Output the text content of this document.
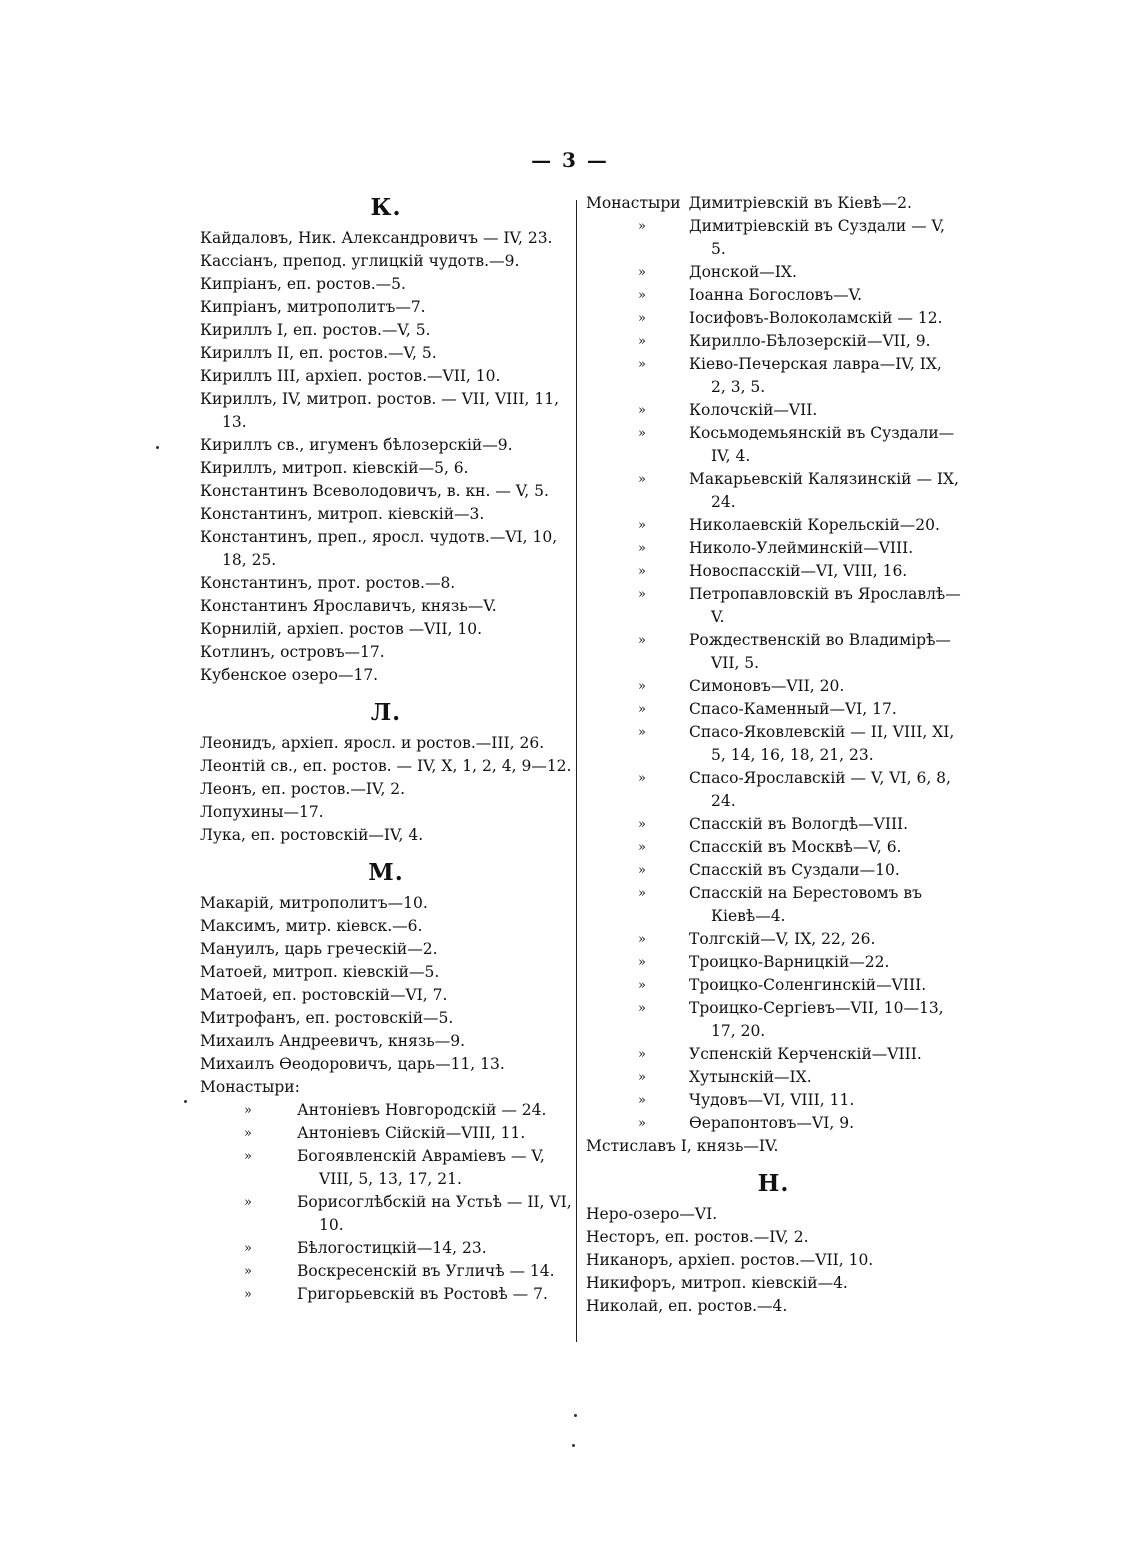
— 3 —
К.
Кайдаловъ, Ник. Александровичъ — IV, 23.
Кассіанъ, препод. углицкій чудотв.—9.
Кипріанъ, еп. ростов.—5.
Кипріанъ, митрополитъ—7.
Кириллъ I, еп. ростов.—V, 5.
Кириллъ II, еп. ростов.—V, 5.
Кириллъ III, архіеп. ростов.—VII, 10.
Кириллъ, IV, митроп. ростов. — VII, VIII, 11, 13.
Кириллъ св., игуменъ бѣлозерскій—9.
Кириллъ, митроп. кіевскій—5, 6.
Константинъ Всеволодовичъ, в. кн. — V, 5.
Константинъ, митроп. кіевскій—3.
Константинъ, преп., яросл. чудотв.—VI, 10, 18, 25.
Константинъ, прот. ростов.—8.
Константинъ Ярославичъ, князь—V.
Корнилій, архіеп. ростов —VII, 10.
Котлинъ, островъ—17.
Кубенское озеро—17.
Л.
Леонидъ, архіеп. яросл. и ростов.—III, 26.
Леонтій св., еп. ростов. — IV, X, 1, 2, 4, 9—12.
Леонъ, еп. ростов.—IV, 2.
Лопухины—17.
Лука, еп. ростовскій—IV, 4.
М.
Макарій, митрополитъ—10.
Максимъ, митр. кіевск.—6.
Мануилъ, царь греческій—2.
Матоей, митроп. кіевскій—5.
Матоей, еп. ростовскій—VI, 7.
Митрофанъ, еп. ростовскій—5.
Михаилъ Андреевичъ, князь—9.
Михаилъ Өеодоровичъ, царь—11, 13.
Монастыри:
»	Антоніевъ Новгородскій — 24.
»	Антоніевъ Сійскій—VIII, 11.
»	Богоявленскій Авраміевъ — V, VIII, 5, 13, 17, 21.
»	Борисоглѣбскій на Устьѣ — II, VI, 10.
»	Бѣлогостицкій—14, 23.
»	Воскресенскій въ Угличѣ — 14.
»	Григорьевскій въ Ростовѣ — 7.
Монастыри Димитріевскій въ Кіевѣ—2.
»	Димитріевскій въ Суздали — V, 5.
»	Донской—IX.
»	Іоанна Богословъ—V.
»	Іосифовъ-Волоколамскій — 12.
»	Кирилло-Бѣлозерскій—VII, 9.
»	Кіево-Печерская лавра—IV, IX, 2, 3, 5.
»	Колочскій—VII.
»	Косьмодемьянскій въ Суздали—IV, 4.
»	Макарьевскій Калязинскій — IX, 24.
»	Николаевскій Корельскій—20.
»	Николо-Улейминскій—VIII.
»	Новоспасскій—VI, VIII, 16.
»	Петропавловскій въ Ярославлѣ—V.
»	Рождественскій во Владимірѣ—VII, 5.
»	Симоновъ—VII, 20.
»	Спасо-Каменный—VI, 17.
»	Спасо-Яковлевскій — II, VIII, XI, 5, 14, 16, 18, 21, 23.
»	Спасо-Ярославскій — V, VI, 6, 8, 24.
»	Спасскій въ Вологдѣ—VIII.
»	Спасскій въ Москвѣ—V, 6.
»	Спасскій въ Суздали—10.
»	Спасскій на Берестовомъ въ Кіевѣ—4.
»	Толгскій—V, IX, 22, 26.
»	Троицко-Варницкій—22.
»	Троицко-Соленгинскій—VIII.
»	Троицко-Сергіевъ—VII, 10—13, 17, 20.
»	Успенскій Керченскій—VIII.
»	Хутынскій—IX.
»	Чудовъ—VI, VIII, 11.
»	Өерапонтовъ—VI, 9.
Мстиславъ I, князь—IV.
Н.
Неро-озеро—VI.
Несторъ, еп. ростов.—IV, 2.
Никаноръ, архіеп. ростов.—VII, 10.
Никифоръ, митроп. кіевскій—4.
Николай, еп. ростов.—4.
